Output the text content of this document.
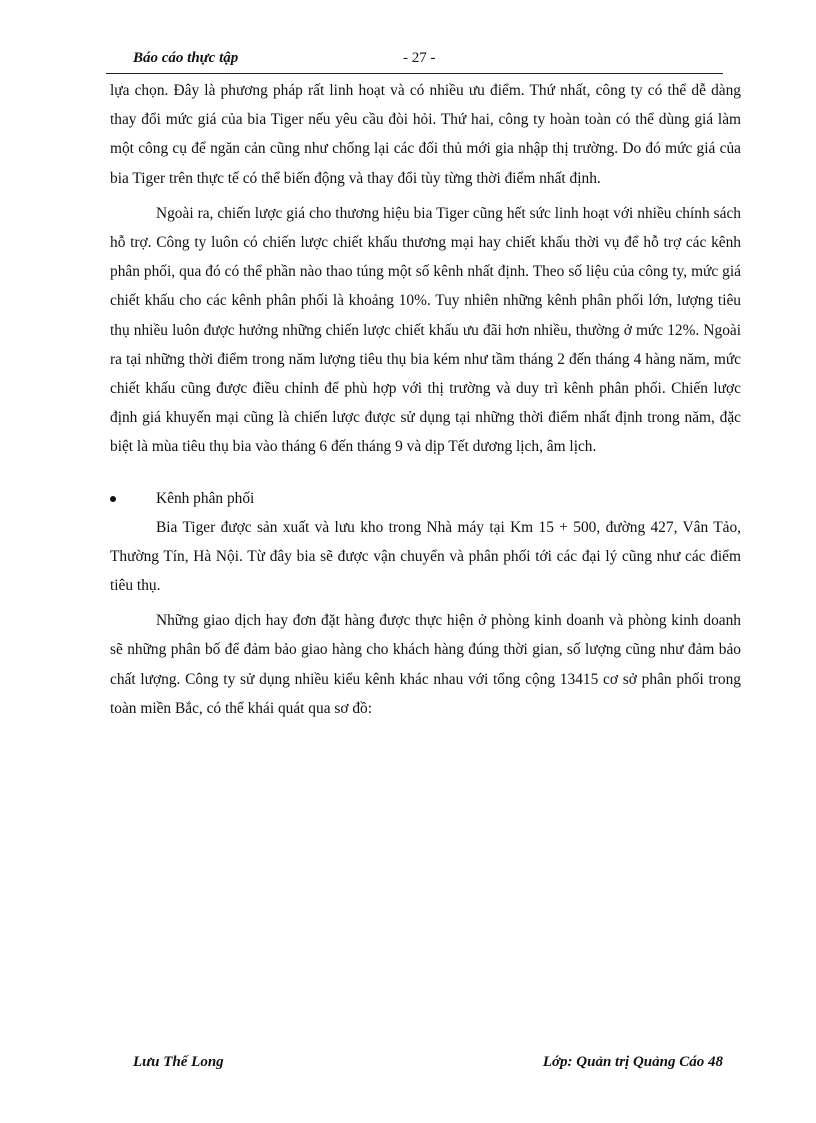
Báo cáo thực tập	- 27 -

lựa chọn. Đây là phương pháp rất linh hoạt và có nhiều ưu điểm. Thứ nhất, công ty có thể dễ dàng thay đổi mức giá của bia Tiger nếu yêu cầu đòi hỏi. Thứ hai, công ty hoàn toàn có thể dùng giá làm một công cụ để ngăn cản cũng như chống lại các đối thủ mới gia nhập thị trường. Do đó mức giá của bia Tiger trên thực tế có thể biến động và thay đổi tùy từng thời điểm nhất định.

Ngoài ra, chiến lược giá cho thương hiệu bia Tiger cũng hết sức linh hoạt với nhiều chính sách hỗ trợ. Công ty luôn có chiến lược chiết khấu thương mại hay chiết khấu thời vụ để hỗ trợ các kênh phân phối, qua đó có thể phần nào thao túng một số kênh nhất định. Theo số liệu của công ty, mức giá chiết khấu cho các kênh phân phối là khoảng 10%. Tuy nhiên những kênh phân phối lớn, lượng tiêu thụ nhiều luôn được hưởng những chiến lược chiết khấu ưu đãi hơn nhiều, thường ở mức 12%. Ngoài ra tại những thời điểm trong năm lượng tiêu thụ bia kém như tầm tháng 2 đến tháng 4 hàng năm, mức chiết khấu cũng được điều chỉnh để phù hợp với thị trường và duy trì kênh phân phối. Chiến lược định giá khuyến mại cũng là chiến lược được sử dụng tại những thời điểm nhất định trong năm, đặc biệt là mùa tiêu thụ bia vào tháng 6 đến tháng 9 và dịp Tết dương lịch, âm lịch.

Kênh phân phối

Bia Tiger được sản xuất và lưu kho trong Nhà máy tại Km 15 + 500, đường 427, Vân Tảo, Thường Tín, Hà Nội. Từ đây bia sẽ được vận chuyển và phân phối tới các đại lý cũng như các điểm tiêu thụ.

Những giao dịch hay đơn đặt hàng được thực hiện ở phòng kinh doanh và phòng kinh doanh sẽ những phân bố để đảm bảo giao hàng cho khách hàng đúng thời gian, số lượng cũng như đảm bảo chất lượng. Công ty sử dụng nhiều kiểu kênh khác nhau với tổng cộng 13415 cơ sở phân phối trong toàn miền Bắc, có thể khái quát qua sơ đồ:

Lưu Thế Long	Lớp: Quản trị Quảng Cáo 48
